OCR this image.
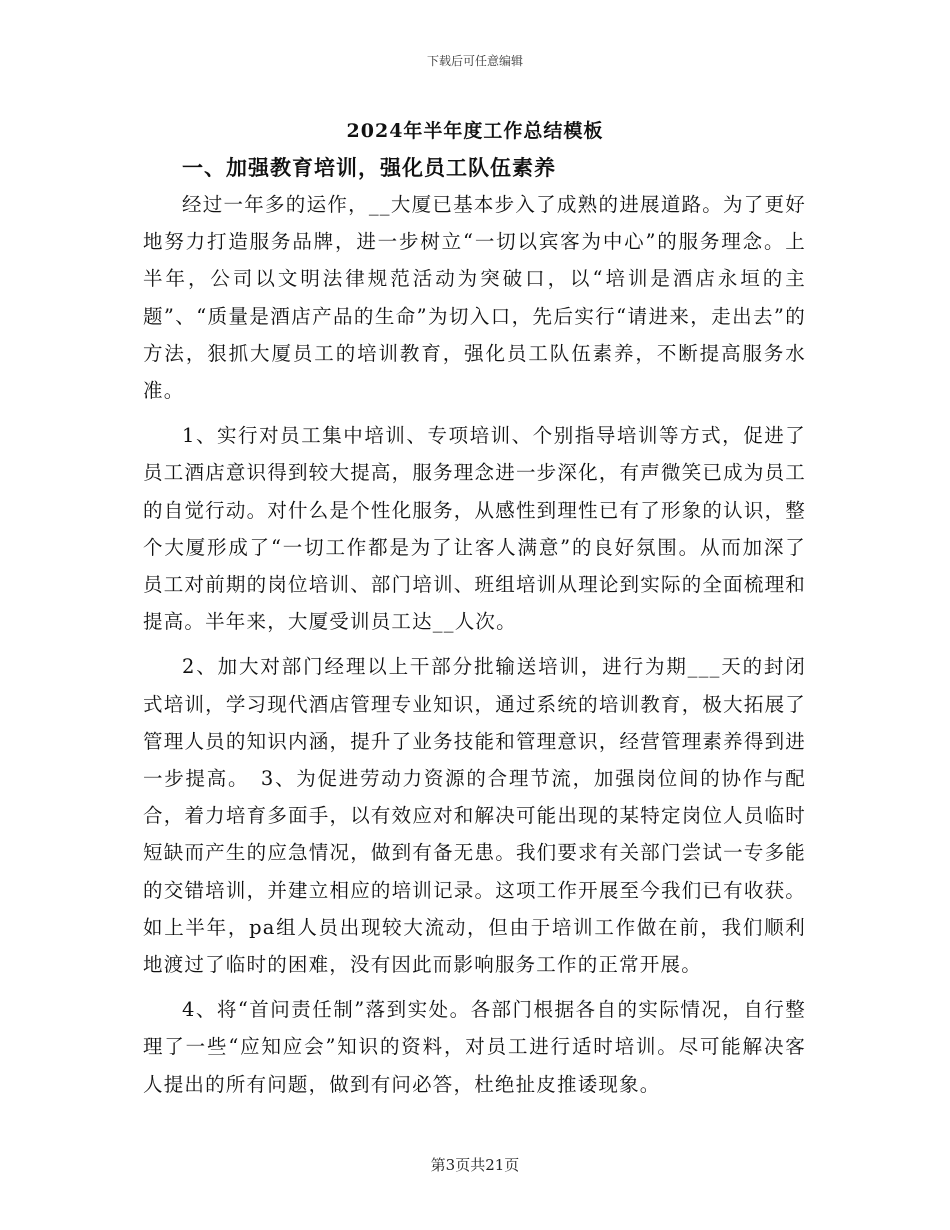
下载后可任意编辑
2024年半年度工作总结模板

一、加强教育培训，强化员工队伍素养

经过一年多的运作，__大厦已基本步入了成熟的进展道路。为了更好地努力打造服务品牌，进一步树立“一切以宾客为中心”的服务理念。上半年，公司以文明法律规范活动为突破口，以“培训是酒店永垣的主题”、“质量是酒店产品的生命”为切入口，先后实行“请进来，走出去”的方法，狠抓大厦员工的培训教育，强化员工队伍素养，不断提高服务水准。

1、实行对员工集中培训、专项培训、个别指导培训等方式，促进了员工酒店意识得到较大提高，服务理念进一步深化，有声微笑已成为员工的自觉行动。对什么是个性化服务，从感性到理性已有了形象的认识，整个大厦形成了“一切工作都是为了让客人满意”的良好氛围。从而加深了员工对前期的岗位培训、部门培训、班组培训从理论到实际的全面梳理和提高。半年来，大厦受训员工达__人次。

2、加大对部门经理以上干部分批输送培训，进行为期___天的封闭式培训，学习现代酒店管理专业知识，通过系统的培训教育，极大拓展了管理人员的知识内涵，提升了业务技能和管理意识，经营管理素养得到进一步提高。　3、为促进劳动力资源的合理节流，加强岗位间的协作与配合，着力培育多面手，以有效应对和解决可能出现的某特定岗位人员临时短缺而产生的应急情况，做到有备无患。我们要求有关部门尝试一专多能的交错培训，并建立相应的培训记录。这项工作开展至今我们已有收获。如上半年，pa组人员出现较大流动，但由于培训工作做在前，我们顺利地渡过了临时的困难，没有因此而影响服务工作的正常开展。

4、将“首问责任制”落到实处。各部门根据各自的实际情况，自行整理了一些“应知应会”知识的资料，对员工进行适时培训。尽可能解决客人提出的所有问题，做到有问必答，杜绝扯皮推诿现象。

第3页共21页
